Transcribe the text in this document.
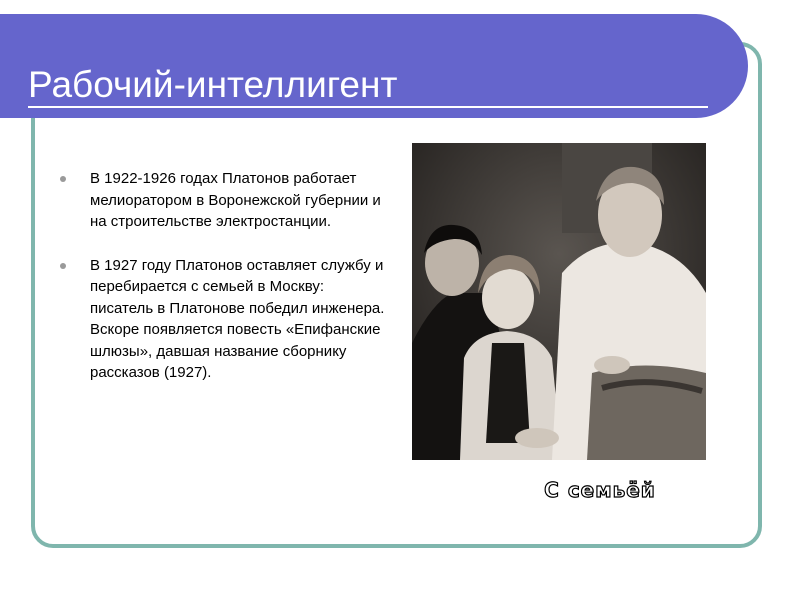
Рабочий-интеллигент
В 1922-1926 годах Платонов работает мелиоратором в Воронежской губернии и на строительстве электростанции.
В 1927 году Платонов оставляет службу и перебирается с семьей в Москву: писатель в Платонове победил инженера. Вскоре появляется повесть «Епифанские шлюзы», давшая название сборнику рассказов (1927).
С семьёй
